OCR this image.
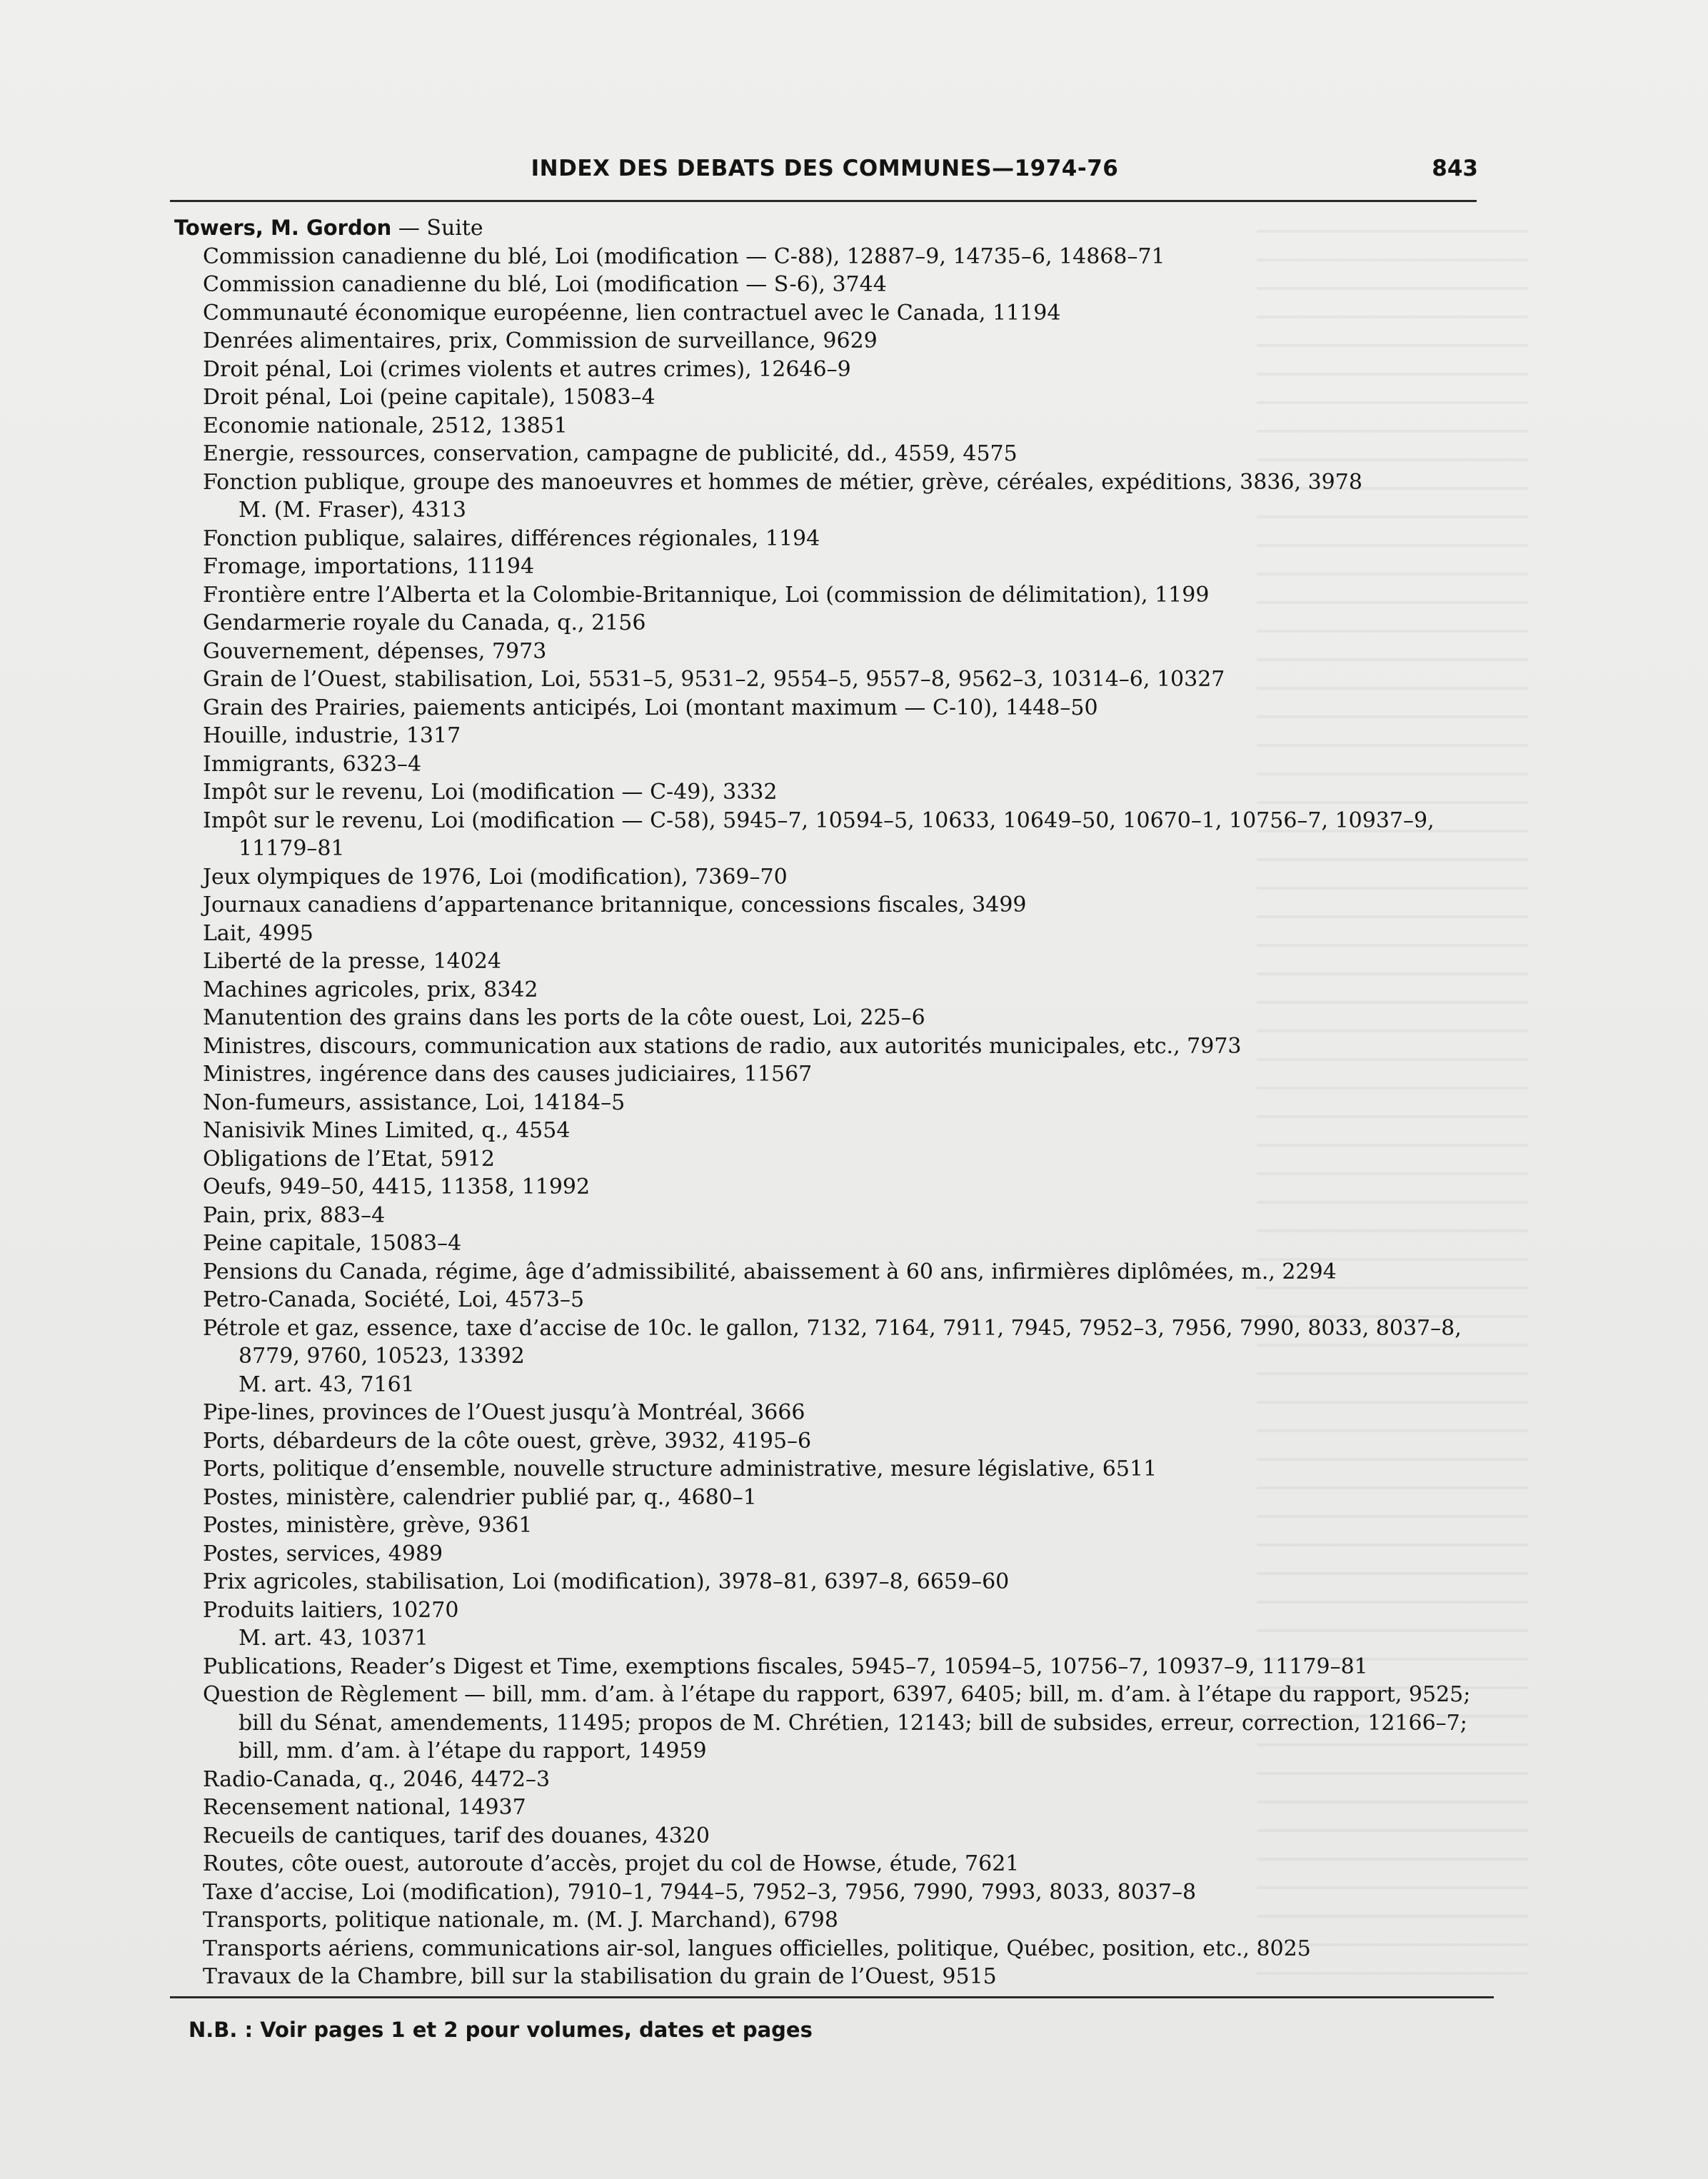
INDEX DES DEBATS DES COMMUNES—1974-76	843
Towers, M. Gordon — Suite
Commission canadienne du blé, Loi (modification — C-88), 12887–9, 14735–6, 14868–71
Commission canadienne du blé, Loi (modification — S-6), 3744
Communauté économique européenne, lien contractuel avec le Canada, 11194
Denrées alimentaires, prix, Commission de surveillance, 9629
Droit pénal, Loi (crimes violents et autres crimes), 12646–9
Droit pénal, Loi (peine capitale), 15083–4
Economie nationale, 2512, 13851
Energie, ressources, conservation, campagne de publicité, dd., 4559, 4575
Fonction publique, groupe des manoeuvres et hommes de métier, grève, céréales, expéditions, 3836, 3978
M. (M. Fraser), 4313
Fonction publique, salaires, différences régionales, 1194
Fromage, importations, 11194
Frontière entre l’Alberta et la Colombie-Britannique, Loi (commission de délimitation), 1199
Gendarmerie royale du Canada, q., 2156
Gouvernement, dépenses, 7973
Grain de l’Ouest, stabilisation, Loi, 5531–5, 9531–2, 9554–5, 9557–8, 9562–3, 10314–6, 10327
Grain des Prairies, paiements anticipés, Loi (montant maximum — C-10), 1448–50
Houille, industrie, 1317
Immigrants, 6323–4
Impôt sur le revenu, Loi (modification — C-49), 3332
Impôt sur le revenu, Loi (modification — C-58), 5945–7, 10594–5, 10633, 10649–50, 10670–1, 10756–7, 10937–9, 11179–81
Jeux olympiques de 1976, Loi (modification), 7369–70
Journaux canadiens d’appartenance britannique, concessions fiscales, 3499
Lait, 4995
Liberté de la presse, 14024
Machines agricoles, prix, 8342
Manutention des grains dans les ports de la côte ouest, Loi, 225–6
Ministres, discours, communication aux stations de radio, aux autorités municipales, etc., 7973
Ministres, ingérence dans des causes judiciaires, 11567
Non-fumeurs, assistance, Loi, 14184–5
Nanisivik Mines Limited, q., 4554
Obligations de l’Etat, 5912
Oeufs, 949–50, 4415, 11358, 11992
Pain, prix, 883–4
Peine capitale, 15083–4
Pensions du Canada, régime, âge d’admissibilité, abaissement à 60 ans, infirmières diplômées, m., 2294
Petro-Canada, Société, Loi, 4573–5
Pétrole et gaz, essence, taxe d’accise de 10c. le gallon, 7132, 7164, 7911, 7945, 7952–3, 7956, 7990, 8033, 8037–8, 8779, 9760, 10523, 13392
M. art. 43, 7161
Pipe-lines, provinces de l’Ouest jusqu’à Montréal, 3666
Ports, débardeurs de la côte ouest, grève, 3932, 4195–6
Ports, politique d’ensemble, nouvelle structure administrative, mesure législative, 6511
Postes, ministère, calendrier publié par, q., 4680–1
Postes, ministère, grève, 9361
Postes, services, 4989
Prix agricoles, stabilisation, Loi (modification), 3978–81, 6397–8, 6659–60
Produits laitiers, 10270
M. art. 43, 10371
Publications, Reader’s Digest et Time, exemptions fiscales, 5945–7, 10594–5, 10756–7, 10937–9, 11179–81
Question de Règlement — bill, mm. d’am. à l’étape du rapport, 6397, 6405; bill, m. d’am. à l’étape du rapport, 9525; bill du Sénat, amendements, 11495; propos de M. Chrétien, 12143; bill de subsides, erreur, correction, 12166–7; bill, mm. d’am. à l’étape du rapport, 14959
Radio-Canada, q., 2046, 4472–3
Recensement national, 14937
Recueils de cantiques, tarif des douanes, 4320
Routes, côte ouest, autoroute d’accès, projet du col de Howse, étude, 7621
Taxe d’accise, Loi (modification), 7910–1, 7944–5, 7952–3, 7956, 7990, 7993, 8033, 8037–8
Transports, politique nationale, m. (M. J. Marchand), 6798
Transports aériens, communications air-sol, langues officielles, politique, Québec, position, etc., 8025
Travaux de la Chambre, bill sur la stabilisation du grain de l’Ouest, 9515
N.B. : Voir pages 1 et 2 pour volumes, dates et pages
